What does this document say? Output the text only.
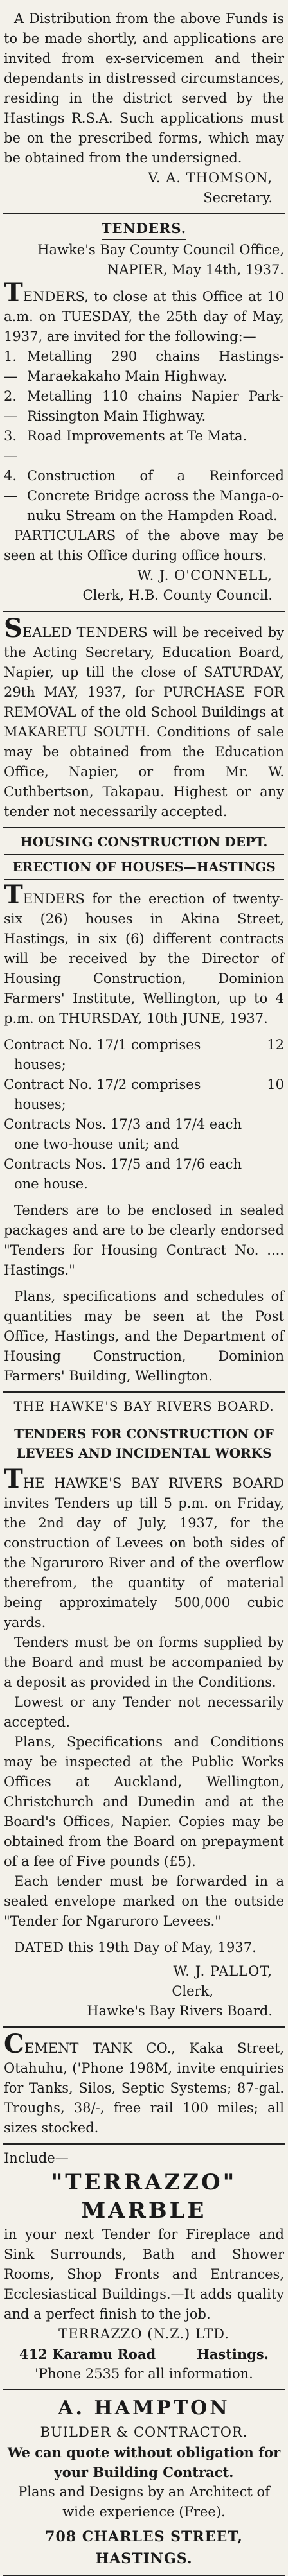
A Distribution from the above Funds is to be made shortly, and applications are invited from ex-servicemen and their dependants in distressed circumstances, residing in the district served by the Hastings R.S.A. Such applications must be on the prescribed forms, which may be obtained from the undersigned.

V. A. THOMSON,
Secretary.
TENDERS.

Hawke's Bay County Council Office,

NAPIER, May 14th, 1937.

TENDERS, to close at this Office at 10 a.m. on TUESDAY, the 25th day of May, 1937, are invited for the following:—

1.—
Metalling 290 chains Hastings-Maraekakaho Main Highway.
2.—
Metalling 110 chains Napier Park-Rissington Main Highway.
3.—
Road Improvements at Te Mata.
4.—
Construction of a Reinforced Concrete Bridge across the Manga-o-nuku Stream on the Hampden Road.

PARTICULARS of the above may be seen at this Office during office hours.

W. J. O'CONNELL,
Clerk, H.B. County Council.

SEALED TENDERS will be received by the Acting Secretary, Education Board, Napier, up till the close of SATURDAY, 29th MAY, 1937, for PURCHASE FOR REMOVAL of the old School Buildings at MAKARETU SOUTH. Conditions of sale may be obtained from the Education Office, Napier, or from Mr. W. Cuthbertson, Takapau. Highest or any tender not necessarily accepted.

HOUSING CONSTRUCTION DEPT.
ERECTION OF HOUSES—HASTINGS

TENDERS for the erection of twenty-six (26) houses in Akina Street, Hastings, in six (6) different contracts will be received by the Director of Housing Construction, Dominion Farmers' Institute, Wellington, up to 4 p.m. on THURSDAY, 10th JUNE, 1937.

Contract No. 17/1 comprises	12
houses;
Contract No. 17/2 comprises	10
houses;
Contracts Nos. 17/3 and 17/4 each
one two-house unit; and
Contracts Nos. 17/5 and 17/6 each
one house.

Tenders are to be enclosed in sealed packages and are to be clearly endorsed "Tenders for Housing Contract No. .... Hastings."

Plans, specifications and schedules of quantities may be seen at the Post Office, Hastings, and the Department of Housing Construction, Dominion Farmers' Building, Wellington.

THE HAWKE'S BAY RIVERS BOARD.
TENDERS FOR CONSTRUCTION OF LEVEES AND INCIDENTAL WORKS

THE HAWKE'S BAY RIVERS BOARD invites Tenders up till 5 p.m. on Friday, the 2nd day of July, 1937, for the construction of Levees on both sides of the Ngaruroro River and of the overflow therefrom, the quantity of material being approximately 500,000 cubic yards.

Tenders must be on forms supplied by the Board and must be accompanied by a deposit as provided in the Conditions.

Lowest or any Tender not necessarily accepted.

Plans, Specifications and Conditions may be inspected at the Public Works Offices at Auckland, Wellington, Christchurch and Dunedin and at the Board's Offices, Napier. Copies may be obtained from the Board on prepayment of a fee of Five pounds (£5).

Each tender must be forwarded in a sealed envelope marked on the outside "Tender for Ngaruroro Levees."

DATED this 19th Day of May, 1937.

W. J. PALLOT,
Clerk,
Hawke's Bay Rivers Board.

CEMENT TANK CO., Kaka Street, Otahuhu, ('Phone 198M, invite enquiries for Tanks, Silos, Septic Systems; 87-gal. Troughs, 38/-, free rail 100 miles; all sizes stocked.

Include—

"TERRAZZO" MARBLE

in your next Tender for Fireplace and Sink Surrounds, Bath and Shower Rooms, Shop Fronts and Entrances, Ecclesiastical Buildings.—It adds quality and a perfect finish to the job.

TERRAZZO (N.Z.) LTD.
412 Karamu Road	Hastings.
'Phone 2535 for all information.
A. HAMPTON
BUILDER & CONTRACTOR.

We can quote without obligation for your Building Contract.

Plans and Designs by an Architect of wide experience (Free).

708 CHARLES STREET, HASTINGS.
